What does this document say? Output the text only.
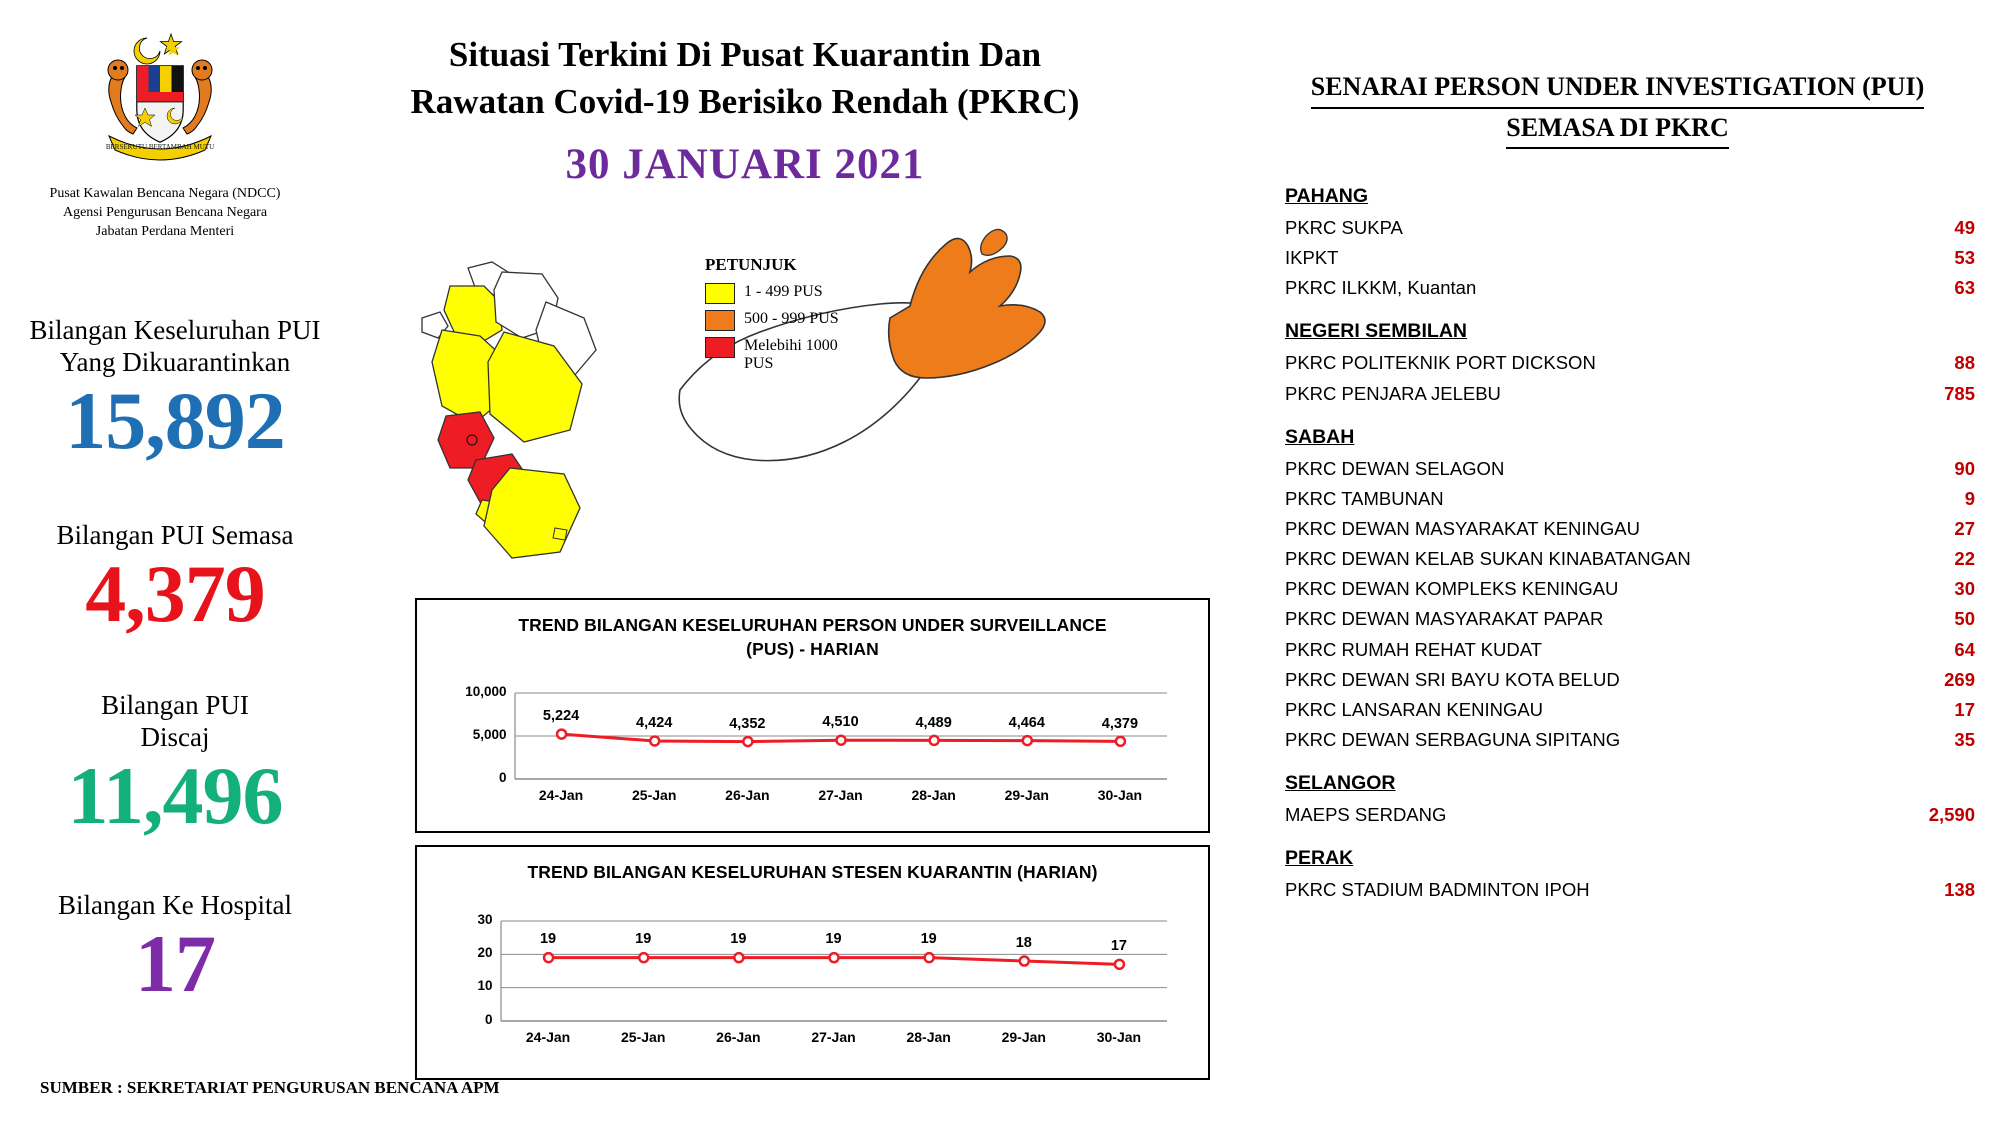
BERSEKUTU BERTAMBAH MUTU
Pusat Kawalan Bencana Negara (NDCC)
Agensi Pengurusan Bencana Negara
Jabatan Perdana Menteri
Bilangan Keseluruhan PUI
Yang Dikuarantinkan
15,892
Bilangan PUI Semasa
4,379
Bilangan PUI
Discaj
11,496
Bilangan Ke Hospital
17
Situasi Terkini Di Pusat Kuarantin Dan
Rawatan Covid-19 Berisiko Rendah (PKRC)
30 JANUARI 2021
PETUNJUK
1 - 499 PUS
500 - 999 PUS
Melebihi 1000 PUS
TREND BILANGAN KESELURUHAN PERSON UNDER SURVEILLANCE
(PUS) - HARIAN
10,000
5,000
0
24-Jan	25-Jan	26-Jan	27-Jan	28-Jan	29-Jan	30-Jan
5,224	4,424	4,352	4,510	4,489	4,464	4,379
TREND BILANGAN KESELURUHAN STESEN KUARANTIN (HARIAN)
30
20
10
0
24-Jan	25-Jan	26-Jan	27-Jan	28-Jan	29-Jan	30-Jan
19	19	19	19	19	18	17
SENARAI PERSON UNDER INVESTIGATION (PUI)
SEMASA DI PKRC
PAHANG
PKRC SUKPA	49
IKPKT	53
PKRC ILKKM, Kuantan	63
NEGERI SEMBILAN
PKRC POLITEKNIK PORT DICKSON	88
PKRC PENJARA JELEBU	785
SABAH
PKRC DEWAN SELAGON	90
PKRC TAMBUNAN	9
PKRC DEWAN MASYARAKAT KENINGAU	27
PKRC DEWAN KELAB SUKAN KINABATANGAN	22
PKRC DEWAN KOMPLEKS KENINGAU	30
PKRC DEWAN MASYARAKAT PAPAR	50
PKRC RUMAH REHAT KUDAT	64
PKRC DEWAN SRI BAYU KOTA BELUD	269
PKRC LANSARAN KENINGAU	17
PKRC DEWAN SERBAGUNA SIPITANG	35
SELANGOR
MAEPS SERDANG	2,590
PERAK
PKRC STADIUM BADMINTON IPOH	138
SUMBER : SEKRETARIAT PENGURUSAN BENCANA APM
